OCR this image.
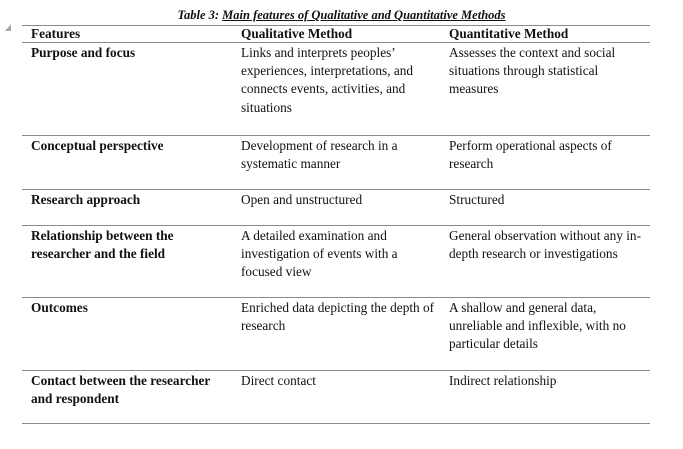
Table 3: Main features of Qualitative and Quantitative Methods
Features	Qualitative Method	Quantitative Method
Purpose and focus	Links and interprets peoples’ experiences, interpretations, and connects events, activities, and situations	Assesses the context and social situations through statistical measures
Conceptual perspective	Development of research in a systematic manner	Perform operational aspects of research
Research approach	Open and unstructured	Structured
Relationship between the researcher and the field	A detailed examination and investigation of events with a focused view	General observation without any in-depth research or investigations
Outcomes	Enriched data depicting the depth of research	A shallow and general data, unreliable and inflexible, with no particular details
Contact between the researcher and respondent	Direct contact	Indirect relationship
